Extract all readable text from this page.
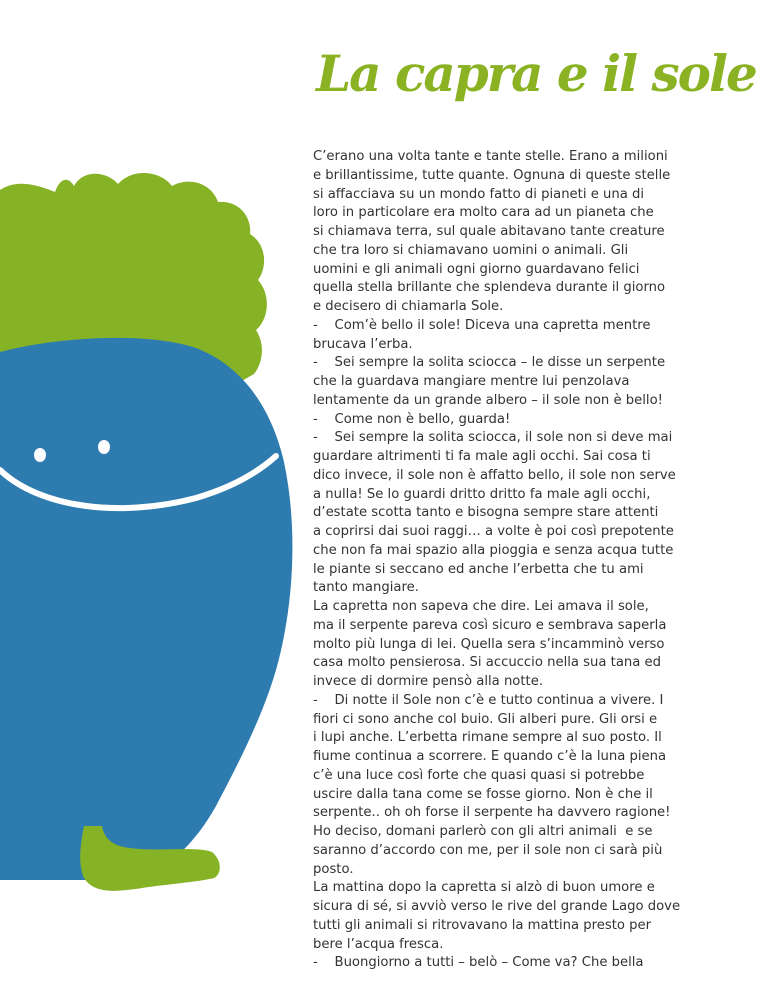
La capra e il sole

C’erano una volta tante e tante stelle. Erano a milioni

e brillantissime, tutte quante. Ognuna di queste stelle

si affacciava su un mondo fatto di pianeti e una di

loro in particolare era molto cara ad un pianeta che

si chiamava terra, sul quale abitavano tante creature

che tra loro si chiamavano uomini o animali. Gli

uomini e gli animali ogni giorno guardavano felici

quella stella brillante che splendeva durante il giorno

e decisero di chiamarla Sole.

-    Com’è bello il sole! Diceva una capretta mentre

brucava l’erba.

-    Sei sempre la solita sciocca – le disse un serpente

che la guardava mangiare mentre lui penzolava

lentamente da un grande albero – il sole non è bello!

-    Come non è bello, guarda!

-    Sei sempre la solita sciocca, il sole non si deve mai

guardare altrimenti ti fa male agli occhi. Sai cosa ti

dico invece, il sole non è affatto bello, il sole non serve

a nulla! Se lo guardi dritto dritto fa male agli occhi,

d’estate scotta tanto e bisogna sempre stare attenti

a coprirsi dai suoi raggi… a volte è poi così prepotente

che non fa mai spazio alla pioggia e senza acqua tutte

le piante si seccano ed anche l’erbetta che tu ami

tanto mangiare.

La capretta non sapeva che dire. Lei amava il sole,

ma il serpente pareva così sicuro e sembrava saperla

molto più lunga di lei. Quella sera s’incamminò verso

casa molto pensierosa. Si accuccio nella sua tana ed

invece di dormire pensò alla notte.

-    Di notte il Sole non c’è e tutto continua a vivere. I

fiori ci sono anche col buio. Gli alberi pure. Gli orsi e

i lupi anche. L’erbetta rimane sempre al suo posto. Il

fiume continua a scorrere. E quando c’è la luna piena

c’è una luce così forte che quasi quasi si potrebbe

uscire dalla tana come se fosse giorno. Non è che il

serpente.. oh oh forse il serpente ha davvero ragione!

Ho deciso, domani parlerò con gli altri animali  e se

saranno d’accordo con me, per il sole non ci sarà più

posto.

La mattina dopo la capretta si alzò di buon umore e

sicura di sé, si avviò verso le rive del grande Lago dove

tutti gli animali si ritrovavano la mattina presto per

bere l’acqua fresca.

-    Buongiorno a tutti – belò – Come va? Che bella
